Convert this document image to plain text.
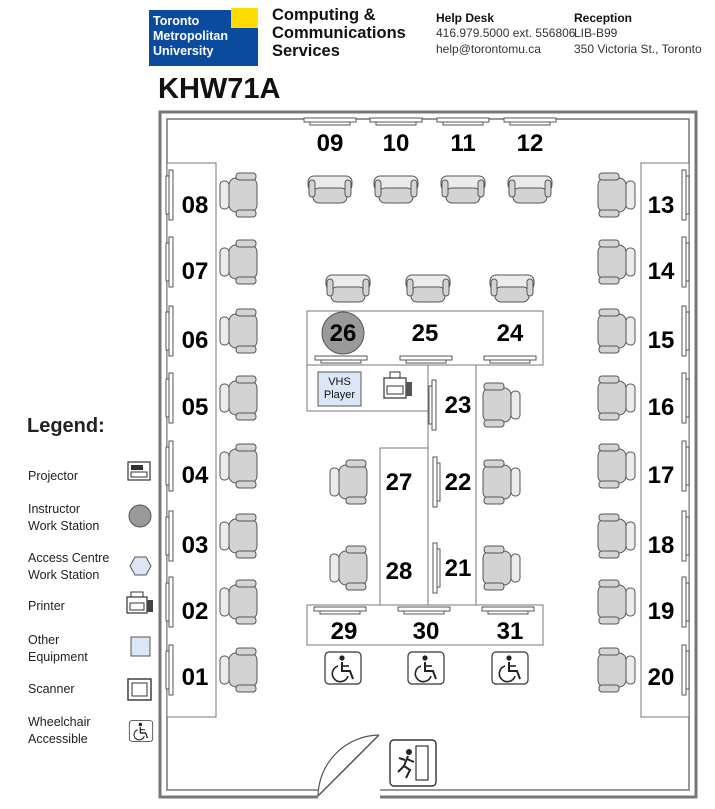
Toronto
Metropolitan
University
Computing &
Communications
Services
Help Desk
416.979.5000 ext. 556806
help@torontomu.ca
Reception
LIB-B99
350 Victoria St., Toronto
KHW71A
VHS
Player
09 10	11	12
08
07
06
05
04
03
02
01
13
14
15
16
17
18
19
20
26 25 24
23
22
21
27
28
29 30 31
Legend:
Projector
Instructor
Work Station
Access Centre
Work Station
Printer
Other
Equipment
Scanner
Wheelchair
Accessible
